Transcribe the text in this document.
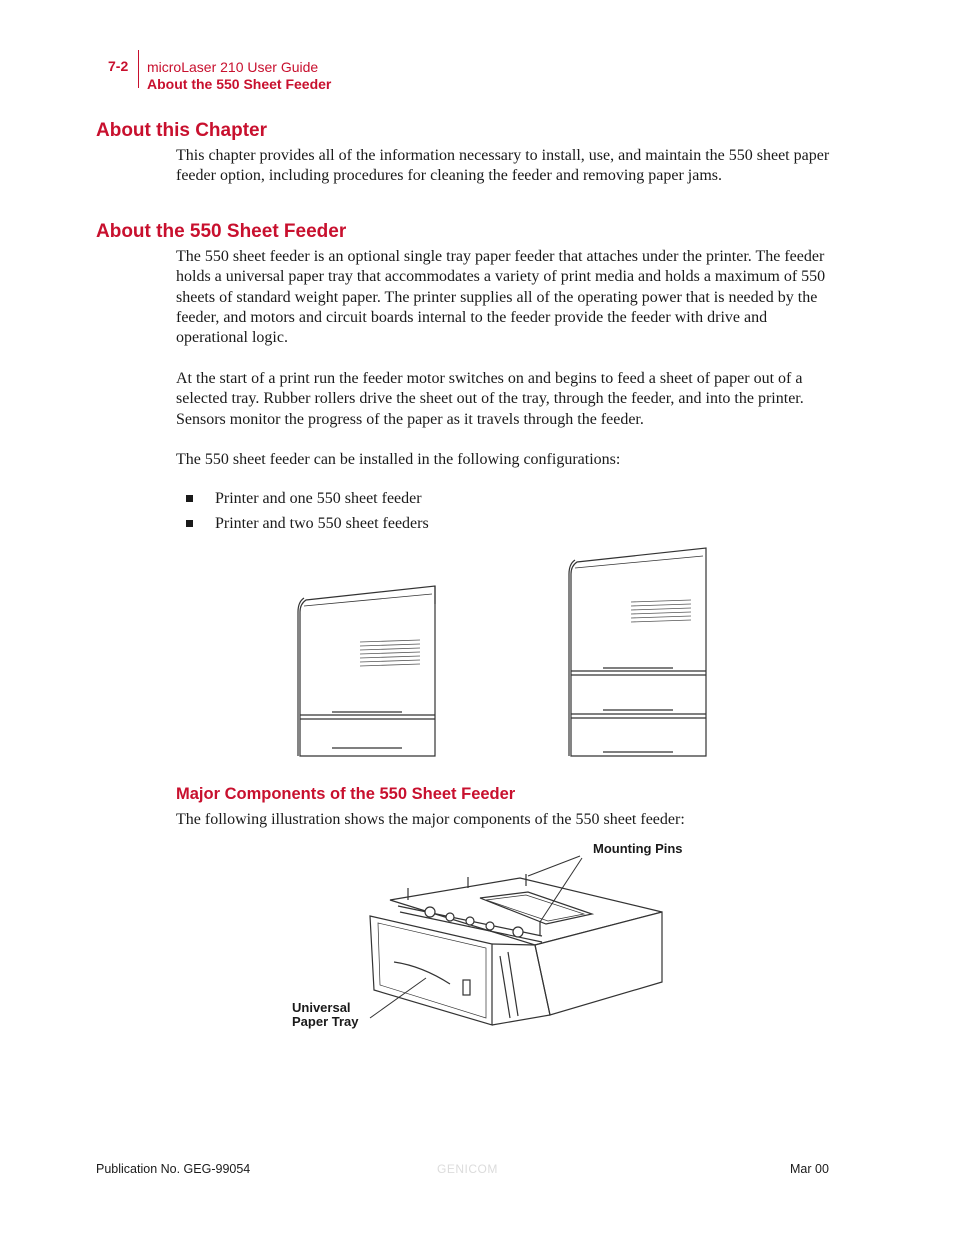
7-2 microLaser 210 User Guide
About the 550 Sheet Feeder
About this Chapter

This chapter provides all of the information necessary to install, use, and maintain the 550 sheet paper feeder option, including procedures for cleaning the feeder and removing paper jams.

About the 550 Sheet Feeder

The 550 sheet feeder is an optional single tray paper feeder that attaches under the printer. The feeder holds a universal paper tray that accommodates a variety of print media and holds a maximum of 550 sheets of standard weight paper. The printer supplies all of the operating power that is needed by the feeder, and motors and circuit boards internal to the feeder provide the feeder with drive and operational logic.

At the start of a print run the feeder motor switches on and begins to feed a sheet of paper out of a selected tray. Rubber rollers drive the sheet out of the tray, through the feeder, and into the printer. Sensors monitor the progress of the paper as it travels through the feeder.

The 550 sheet feeder can be installed in the following configurations:

Printer and one 550 sheet feeder
Printer and two 550 sheet feeders
Major Components of the 550 Sheet Feeder

The following illustration shows the major components of the 550 sheet feeder:

Mounting Pins
Universal
Paper Tray
Publication No. GEG-99054	GENICOM	Mar 00
